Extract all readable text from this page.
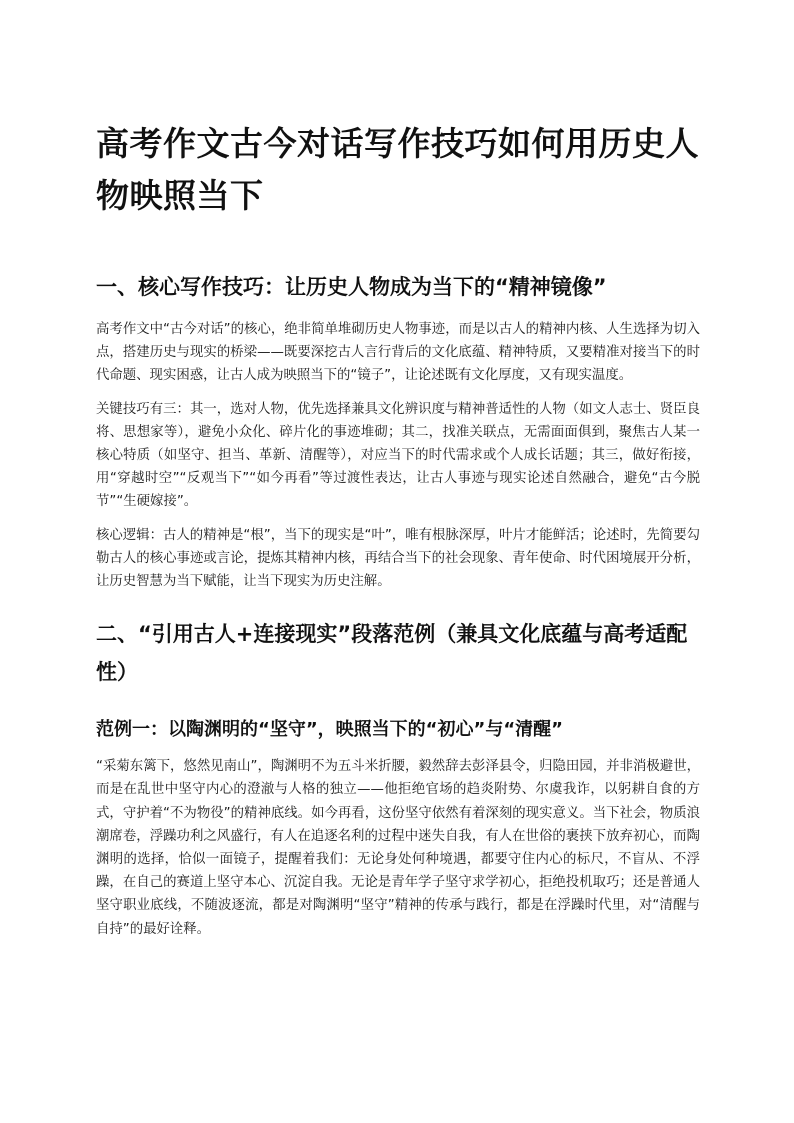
高考作文古今对话写作技巧如何用历史人物映照当下
一、核心写作技巧：让历史人物成为当下的“精神镜像”

高考作文中“古今对话”的核心，绝非简单堆砌历史人物事迹，而是以古人的精神内核、人生选择为切入点，搭建历史与现实的桥梁——既要深挖古人言行背后的文化底蕴、精神特质，又要精准对接当下的时代命题、现实困惑，让古人成为映照当下的“镜子”，让论述既有文化厚度，又有现实温度。

关键技巧有三：其一，选对人物，优先选择兼具文化辨识度与精神普适性的人物（如文人志士、贤臣良将、思想家等），避免小众化、碎片化的事迹堆砌；其二，找准关联点，无需面面俱到，聚焦古人某一核心特质（如坚守、担当、革新、清醒等），对应当下的时代需求或个人成长话题；其三，做好衔接，用“穿越时空”“反观当下”“如今再看”等过渡性表达，让古人事迹与现实论述自然融合，避免“古今脱节”“生硬嫁接”。

核心逻辑：古人的精神是“根”，当下的现实是“叶”，唯有根脉深厚，叶片才能鲜活；论述时，先简要勾勒古人的核心事迹或言论，提炼其精神内核，再结合当下的社会现象、青年使命、时代困境展开分析，让历史智慧为当下赋能，让当下现实为历史注解。

二、“引用古人+连接现实”段落范例（兼具文化底蕴与高考适配性）
范例一：以陶渊明的“坚守”，映照当下的“初心”与“清醒”

“采菊东篱下，悠然见南山”，陶渊明不为五斗米折腰，毅然辞去彭泽县令，归隐田园，并非消极避世，而是在乱世中坚守内心的澄澈与人格的独立——他拒绝官场的趋炎附势、尔虞我诈，以躬耕自食的方式，守护着“不为物役”的精神底线。如今再看，这份坚守依然有着深刻的现实意义。当下社会，物质浪潮席卷，浮躁功利之风盛行，有人在追逐名利的过程中迷失自我，有人在世俗的裹挟下放弃初心，而陶渊明的选择，恰似一面镜子，提醒着我们：无论身处何种境遇，都要守住内心的标尺，不盲从、不浮躁，在自己的赛道上坚守本心、沉淀自我。无论是青年学子坚守求学初心，拒绝投机取巧；还是普通人坚守职业底线，不随波逐流，都是对陶渊明“坚守”精神的传承与践行，都是在浮躁时代里，对“清醒与自持”的最好诠释。
